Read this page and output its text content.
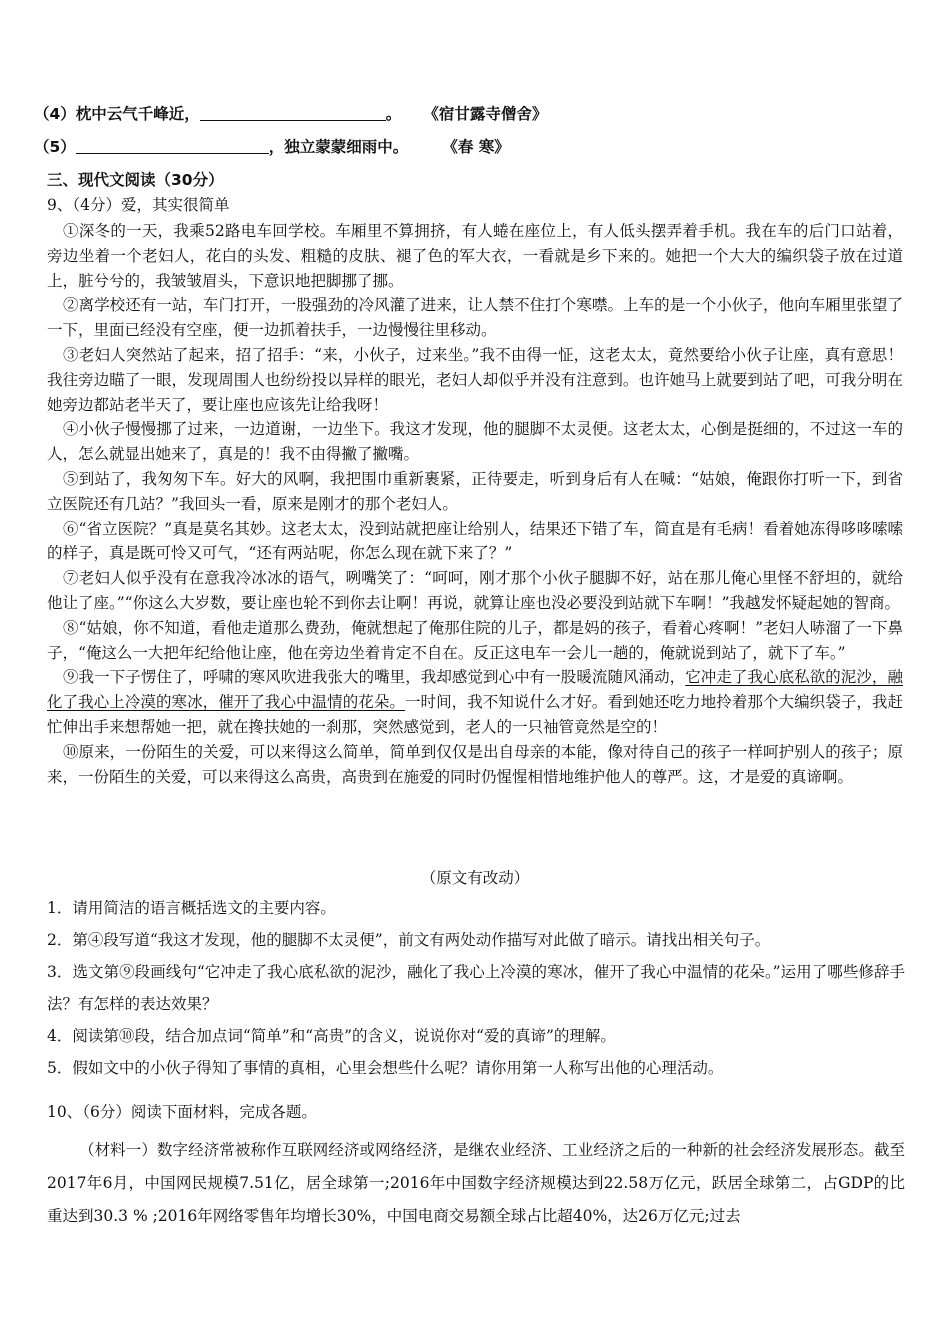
（4）枕中云气千峰近，	。 《宿甘露寺僧舍》
（5）	，独立蒙蒙细雨中。 《春 寒》
三、现代文阅读（30分）
9、（4分）爱，其实很简单
①深冬的一天，我乘52路电车回学校。车厢里不算拥挤，有人蜷在座位上，有人低头摆弄着手机。我在车的后门口站着，旁边坐着一个老妇人，花白的头发、粗糙的皮肤、褪了色的军大衣，一看就是乡下来的。她把一个大大的编织袋子放在过道上，脏兮兮的，我皱皱眉头，下意识地把脚挪了挪。
②离学校还有一站，车门打开，一股强劲的冷风灌了进来，让人禁不住打个寒噤。上车的是一个小伙子，他向车厢里张望了一下，里面已经没有空座，便一边抓着扶手，一边慢慢往里移动。
③老妇人突然站了起来，招了招手：“来，小伙子，过来坐。”我不由得一怔，这老太太，竟然要给小伙子让座，真有意思！我往旁边瞄了一眼，发现周围人也纷纷投以异样的眼光，老妇人却似乎并没有注意到。也许她马上就要到站了吧，可我分明在她旁边都站老半天了，要让座也应该先让给我呀！
④小伙子慢慢挪了过来，一边道谢，一边坐下。我这才发现，他的腿脚不太灵便。这老太太，心倒是挺细的，不过这一车的人，怎么就显出她来了，真是的！我不由得撇了撇嘴。
⑤到站了，我匆匆下车。好大的风啊，我把围巾重新裹紧，正待要走，听到身后有人在喊：“姑娘，俺跟你打听一下，到省立医院还有几站？”我回头一看，原来是刚才的那个老妇人。
⑥“省立医院？”真是莫名其妙。这老太太，没到站就把座让给别人，结果还下错了车，简直是有毛病！看着她冻得哆哆嗦嗦的样子，真是既可怜又可气，“还有两站呢，你怎么现在就下来了？”
⑦老妇人似乎没有在意我冷冰冰的语气，咧嘴笑了：“呵呵，刚才那个小伙子腿脚不好，站在那儿俺心里怪不舒坦的，就给他让了座。”“你这么大岁数，要让座也轮不到你去让啊！再说，就算让座也没必要没到站就下车啊！”我越发怀疑起她的智商。
⑧“姑娘，你不知道，看他走道那么费劲，俺就想起了俺那住院的儿子，都是妈的孩子，看着心疼啊！”老妇人哧溜了一下鼻子，“俺这么一大把年纪给他让座，他在旁边坐着肯定不自在。反正这电车一会儿一趟的，俺就说到站了，就下了车。”
⑨我一下子愣住了，呼啸的寒风吹进我张大的嘴里，我却感觉到心中有一股暖流随风涌动，它冲走了我心底私欲的泥沙，融化了我心上冷漠的寒冰，催开了我心中温情的花朵。一时间，我不知说什么才好。看到她还吃力地拎着那个大编织袋子，我赶忙伸出手来想帮她一把，就在搀扶她的一刹那，突然感觉到，老人的一只袖管竟然是空的！
⑩原来，一份陌生的关爱，可以来得这么简单，简单到仅仅是出自母亲的本能，像对待自己的孩子一样呵护别人的孩子；原来，一份陌生的关爱，可以来得这么高贵，高贵到在施爱的同时仍惺惺相惜地维护他人的尊严。这，才是爱的真谛啊。
（原文有改动）
1．请用简洁的语言概括选文的主要内容。
2．第④段写道“我这才发现，他的腿脚不太灵便”，前文有两处动作描写对此做了暗示。请找出相关句子。
3．选文第⑨段画线句“它冲走了我心底私欲的泥沙，融化了我心上冷漠的寒冰，催开了我心中温情的花朵。”运用了哪些修辞手法？有怎样的表达效果？
4．阅读第⑩段，结合加点词“简单”和“高贵”的含义，说说你对“爱的真谛”的理解。
5．假如文中的小伙子得知了事情的真相，心里会想些什么呢？请你用第一人称写出他的心理活动。
10、（6分）阅读下面材料，完成各题。
（材料一）数字经济常被称作互联网经济或网络经济，是继农业经济、工业经济之后的一种新的社会经济发展形态。截至2017年6月，中国网民规模7.51亿，居全球第一;2016年中国数字经济规模达到22.58万亿元，跃居全球第二，占GDP的比重达到30.3 % ;2016年网络零售年均增长30%，中国电商交易额全球占比超40%，达26万亿元;过去
